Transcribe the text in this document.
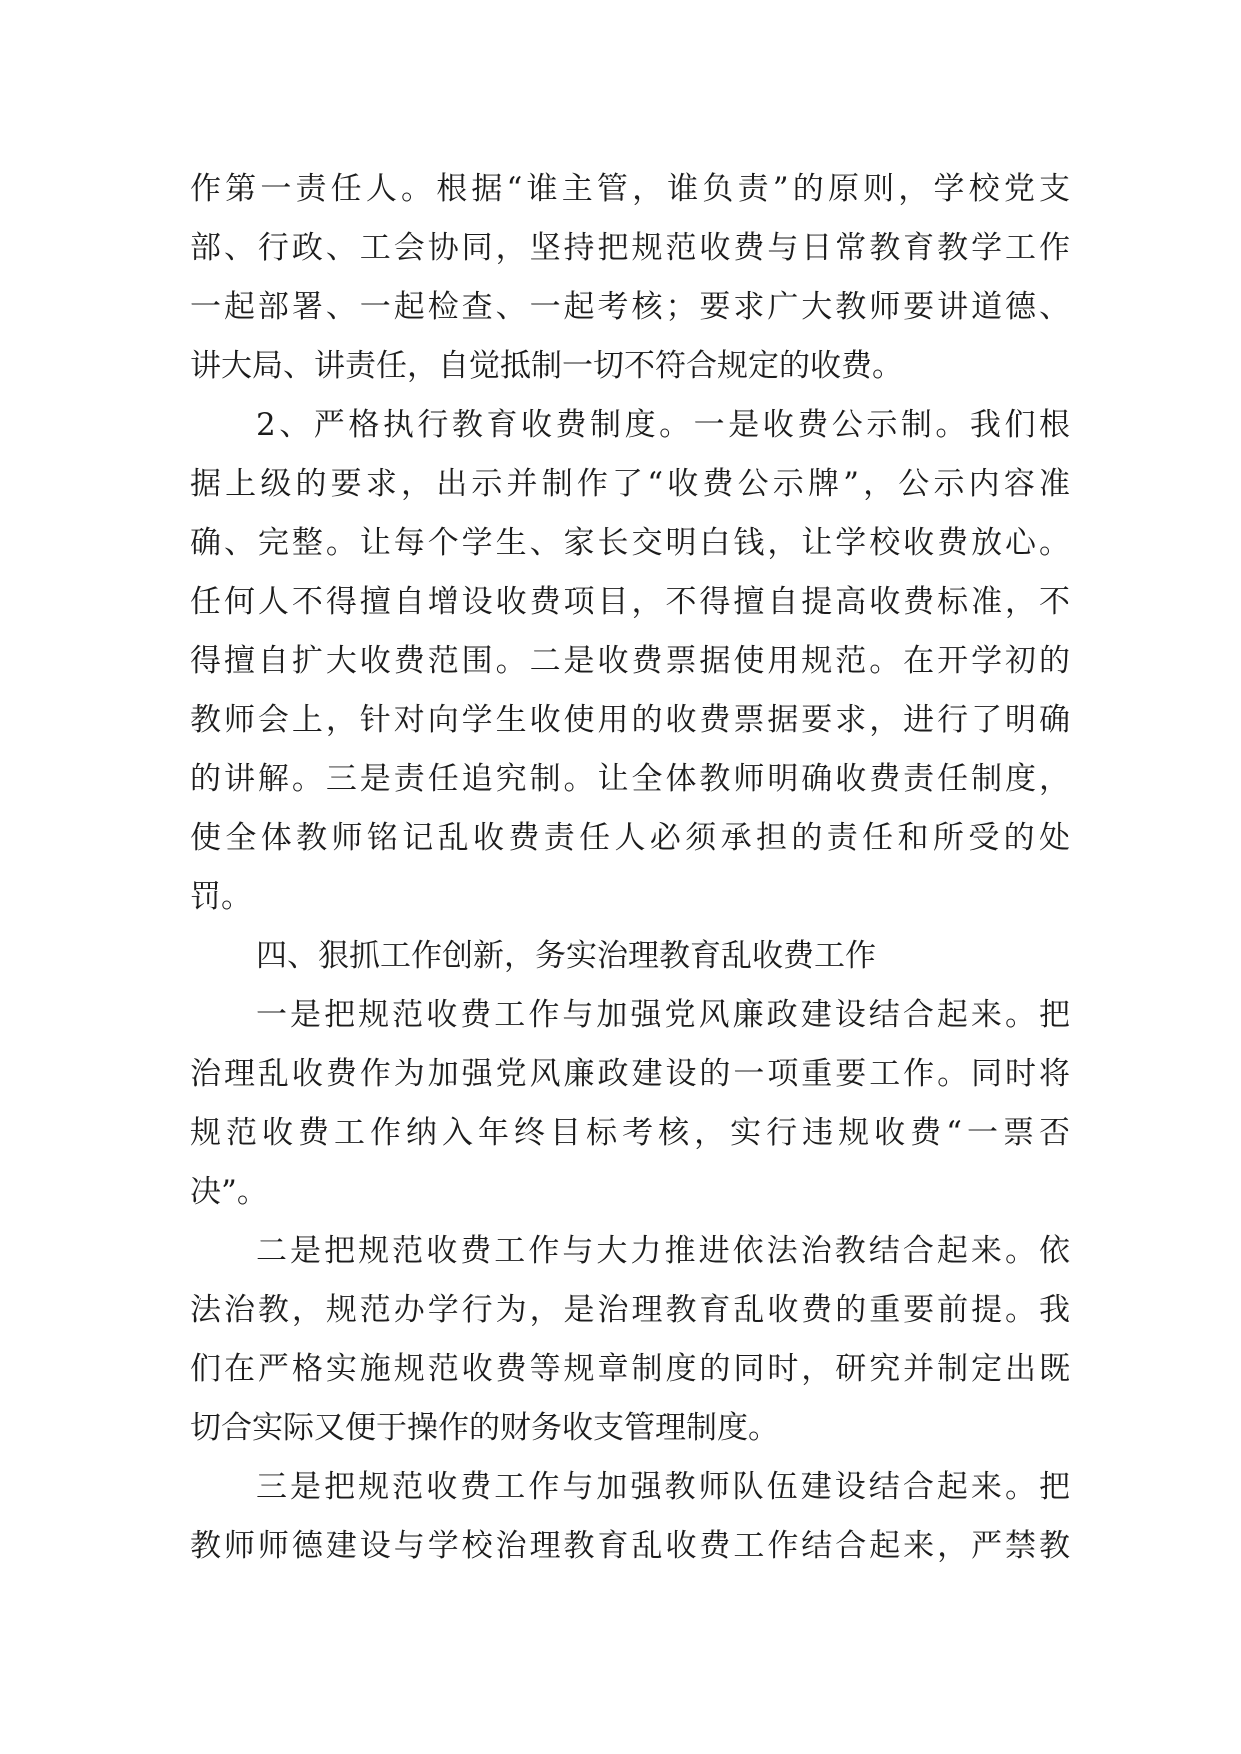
作第一责任人。根据“谁主管，谁负责”的原则，学校党支
部、行政、工会协同，坚持把规范收费与日常教育教学工作
一起部署、一起检查、一起考核；要求广大教师要讲道德、
讲大局、讲责任，自觉抵制一切不符合规定的收费。
2、严格执行教育收费制度。一是收费公示制。我们根
据上级的要求，出示并制作了“收费公示牌”，公示内容准
确、完整。让每个学生、家长交明白钱，让学校收费放心。
任何人不得擅自增设收费项目，不得擅自提高收费标准，不
得擅自扩大收费范围。二是收费票据使用规范。在开学初的
教师会上，针对向学生收使用的收费票据要求，进行了明确
的讲解。三是责任追究制。让全体教师明确收费责任制度，
使全体教师铭记乱收费责任人必须承担的责任和所受的处
罚。
四、狠抓工作创新，务实治理教育乱收费工作
一是把规范收费工作与加强党风廉政建设结合起来。把
治理乱收费作为加强党风廉政建设的一项重要工作。同时将
规范收费工作纳入年终目标考核，实行违规收费“一票否
决”。
二是把规范收费工作与大力推进依法治教结合起来。依
法治教，规范办学行为，是治理教育乱收费的重要前提。我
们在严格实施规范收费等规章制度的同时，研究并制定出既
切合实际又便于操作的财务收支管理制度。
三是把规范收费工作与加强教师队伍建设结合起来。把
教师师德建设与学校治理教育乱收费工作结合起来，严禁教
